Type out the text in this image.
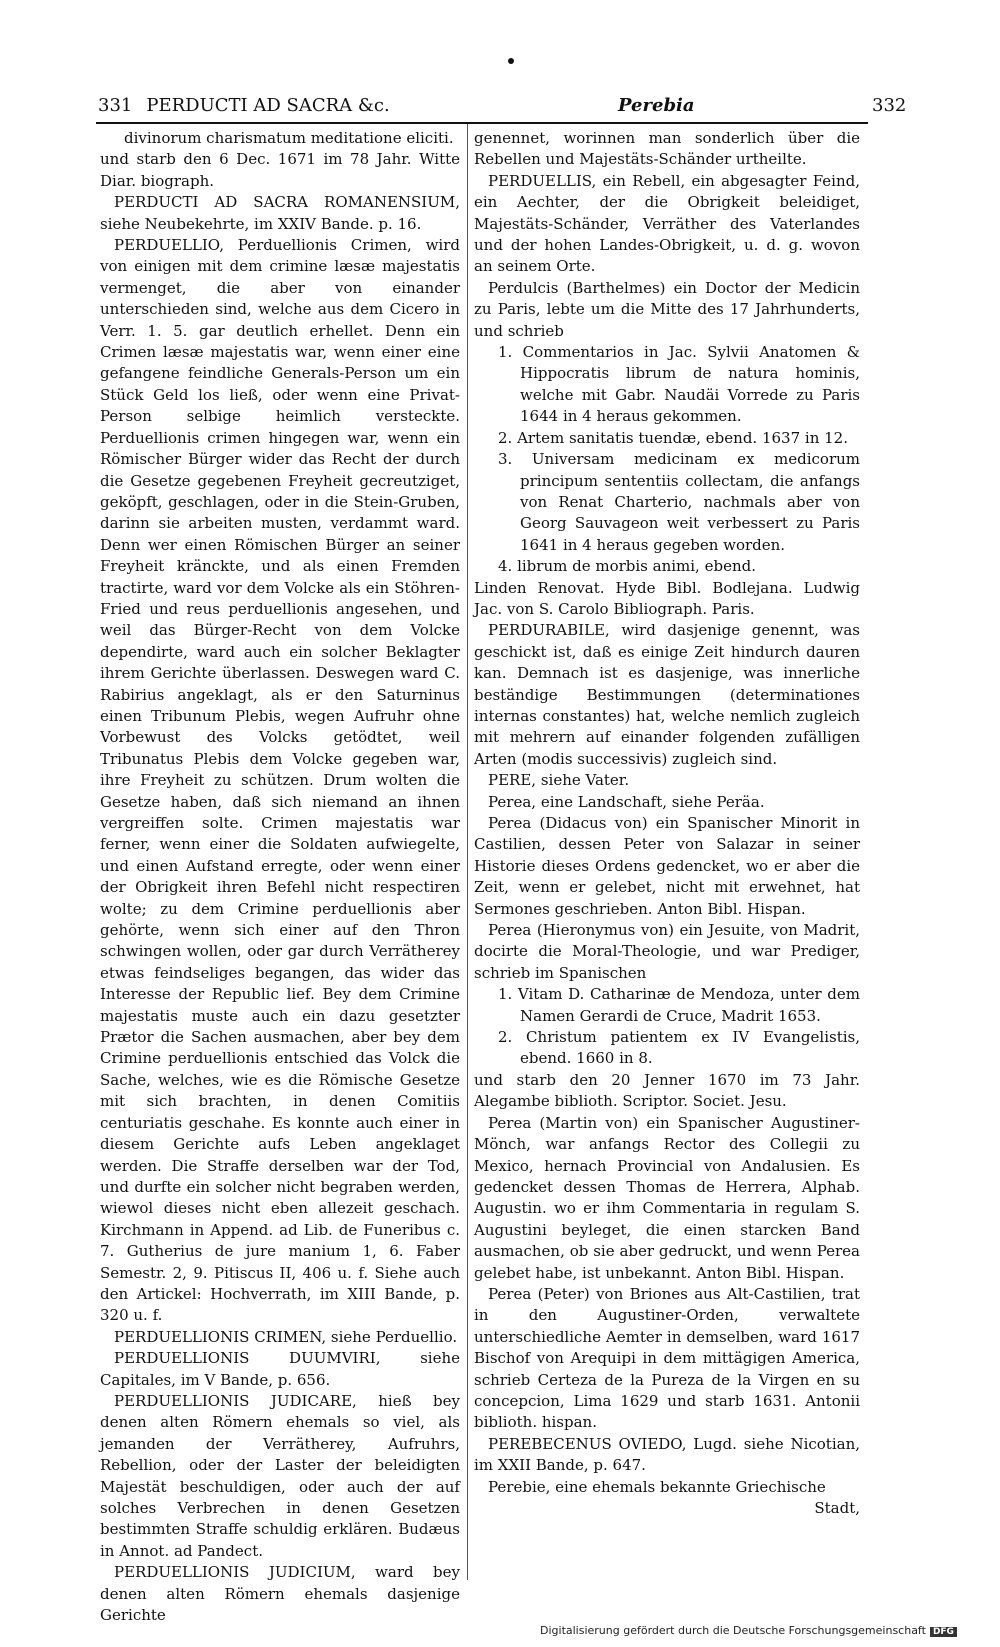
331 PERDUCTI AD SACRA &c.	Perebia	332

divinorum charismatum meditatione eliciti.

und starb den 6 Dec. 1671 im 78 Jahr. Witte Diar. biograph.

PERDUCTI AD SACRA ROMANENSIUM, siehe Neubekehrte, im XXIV Bande. p. 16.

PERDUELLIO, Perduellionis Crimen, wird von einigen mit dem crimine læsæ majestatis vermenget, die aber von einander unterschieden sind, welche aus dem Cicero in Verr. 1. 5. gar deutlich erhellet. Denn ein Crimen læsæ majestatis war, wenn einer eine gefangene feindliche Generals-Person um ein Stück Geld los ließ, oder wenn eine Privat-Person selbige heimlich versteckte. Perduellionis crimen hingegen war, wenn ein Römischer Bürger wider das Recht der durch die Gesetze gegebenen Freyheit gecreutziget, geköpft, geschlagen, oder in die Stein-Gruben, darinn sie arbeiten musten, verdammt ward. Denn wer einen Römischen Bürger an seiner Freyheit kränckte, und als einen Fremden tractirte, ward vor dem Volcke als ein Stöhren-Fried und reus perduellionis angesehen, und weil das Bürger-Recht von dem Volcke dependirte, ward auch ein solcher Beklagter ihrem Gerichte überlassen. Deswegen ward C. Rabirius angeklagt, als er den Saturninus einen Tribunum Plebis, wegen Aufruhr ohne Vorbewust des Volcks getödtet, weil Tribunatus Plebis dem Volcke gegeben war, ihre Freyheit zu schützen. Drum wolten die Gesetze haben, daß sich niemand an ihnen vergreiffen solte. Crimen majestatis war ferner, wenn einer die Soldaten aufwiegelte, und einen Aufstand erregte, oder wenn einer der Obrigkeit ihren Befehl nicht respectiren wolte; zu dem Crimine perduellionis aber gehörte, wenn sich einer auf den Thron schwingen wollen, oder gar durch Verrätherey etwas feindseliges begangen, das wider das Interesse der Republic lief. Bey dem Crimine majestatis muste auch ein dazu gesetzter Prætor die Sachen ausmachen, aber bey dem Crimine perduellionis entschied das Volck die Sache, welches, wie es die Römische Gesetze mit sich brachten, in denen Comitiis centuriatis geschahe. Es konnte auch einer in diesem Gerichte aufs Leben angeklaget werden. Die Straffe derselben war der Tod, und durfte ein solcher nicht begraben werden, wiewol dieses nicht eben allezeit geschach. Kirchmann in Append. ad Lib. de Funeribus c. 7. Gutherius de jure manium 1, 6. Faber Semestr. 2, 9. Pitiscus II, 406 u. f. Siehe auch den Artickel: Hochverrath, im XIII Bande, p. 320 u. f.

PERDUELLIONIS CRIMEN, siehe Perduellio.

PERDUELLIONIS DUUMVIRI, siehe Capitales, im V Bande, p. 656.

PERDUELLIONIS JUDICARE, hieß bey denen alten Römern ehemals so viel, als jemanden der Verrätherey, Aufruhrs, Rebellion, oder der Laster der beleidigten Majestät beschuldigen, oder auch der auf solches Verbrechen in denen Gesetzen bestimmten Straffe schuldig erklären. Budæus in Annot. ad Pandect.

PERDUELLIONIS JUDICIUM, ward bey denen alten Römern ehemals dasjenige Gerichte

genennet, worinnen man sonderlich über die Rebellen und Majestäts-Schänder urtheilte.

PERDUELLIS, ein Rebell, ein abgesagter Feind, ein Aechter, der die Obrigkeit beleidiget, Majestäts-Schänder, Verräther des Vaterlandes und der hohen Landes-Obrigkeit, u. d. g. wovon an seinem Orte.

Perdulcis (Barthelmes) ein Doctor der Medicin zu Paris, lebte um die Mitte des 17 Jahrhunderts, und schrieb

1. Commentarios in Jac. Sylvii Anatomen & Hippocratis librum de natura hominis, welche mit Gabr. Naudäi Vorrede zu Paris 1644 in 4 heraus gekommen.

2. Artem sanitatis tuendæ, ebend. 1637 in 12.

3. Universam medicinam ex medicorum principum sententiis collectam, die anfangs von Renat Charterio, nachmals aber von Georg Sauvageon weit verbessert zu Paris 1641 in 4 heraus gegeben worden.

4. librum de morbis animi, ebend.

Linden Renovat. Hyde Bibl. Bodlejana. Ludwig Jac. von S. Carolo Bibliograph. Paris.

PERDURABILE, wird dasjenige genennt, was geschickt ist, daß es einige Zeit hindurch dauren kan. Demnach ist es dasjenige, was innerliche beständige Bestimmungen (determinationes internas constantes) hat, welche nemlich zugleich mit mehrern auf einander folgenden zufälligen Arten (modis successivis) zugleich sind.

PERE, siehe Vater.

Perea, eine Landschaft, siehe Peräa.

Perea (Didacus von) ein Spanischer Minorit in Castilien, dessen Peter von Salazar in seiner Historie dieses Ordens gedencket, wo er aber die Zeit, wenn er gelebet, nicht mit erwehnet, hat Sermones geschrieben. Anton Bibl. Hispan.

Perea (Hieronymus von) ein Jesuite, von Madrit, docirte die Moral-Theologie, und war Prediger, schrieb im Spanischen

1. Vitam D. Catharinæ de Mendoza, unter dem Namen Gerardi de Cruce, Madrit 1653.

2. Christum patientem ex IV Evangelistis, ebend. 1660 in 8.

und starb den 20 Jenner 1670 im 73 Jahr. Alegambe biblioth. Scriptor. Societ. Jesu.

Perea (Martin von) ein Spanischer Augustiner-Mönch, war anfangs Rector des Collegii zu Mexico, hernach Provincial von Andalusien. Es gedencket dessen Thomas de Herrera, Alphab. Augustin. wo er ihm Commentaria in regulam S. Augustini beyleget, die einen starcken Band ausmachen, ob sie aber gedruckt, und wenn Perea gelebet habe, ist unbekannt. Anton Bibl. Hispan.

Perea (Peter) von Briones aus Alt-Castilien, trat in den Augustiner-Orden, verwaltete unterschiedliche Aemter in demselben, ward 1617 Bischof von Arequipi in dem mittägigen America, schrieb Certeza de la Pureza de la Virgen en su concepcion, Lima 1629 und starb 1631. Antonii biblioth. hispan.

PEREBECENUS OVIEDO, Lugd. siehe Nicotian, im XXII Bande, p. 647.

Perebie, eine ehemals bekannte Griechische

Stadt,

Digitalisierung gefördert durch die Deutsche Forschungsgemeinschaft DFG
